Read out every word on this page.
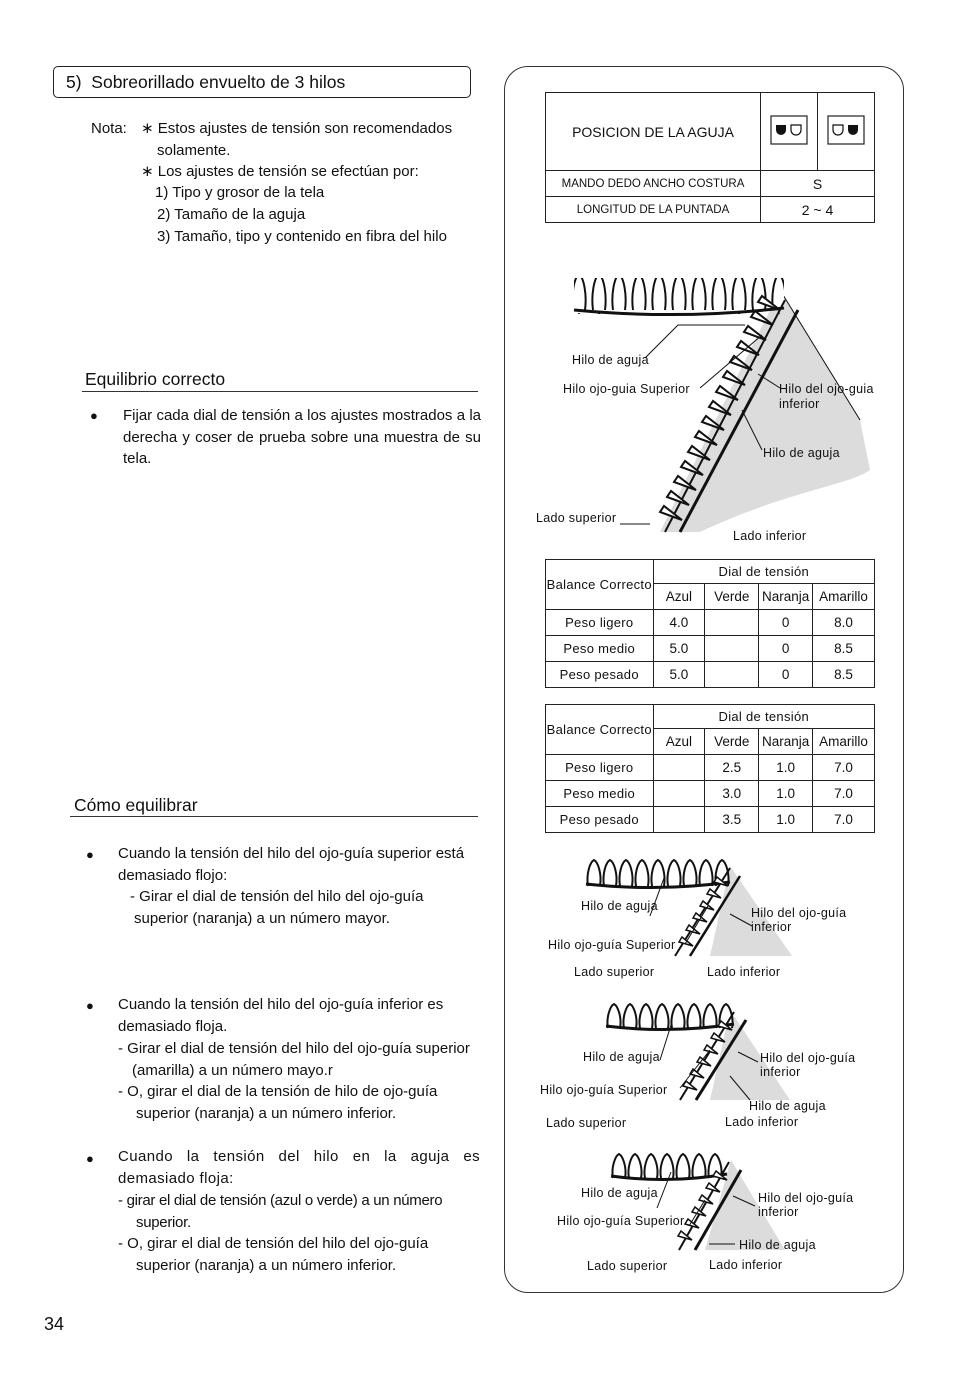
5) Sobreorillado envuelto de 3 hilos
Nota: ∗ Estos ajustes de tensión son recomendados
solamente.
∗ Los ajustes de tensión se efectúan por:
1) Tipo y grosor de la tela
2) Tamaño de la aguja
3) Tamaño, tipo y contenido en fibra del hilo
Equilibrio correcto
● Fijar cada dial de tensión a los ajustes mostrados a la derecha y coser de prueba sobre una muestra de su tela.
Cómo equilibrar
● Cuando la tensión del hilo del ojo-guía superior está demasiado flojo:
- Girar el dial de tensión del hilo del ojo-guía superior (naranja) a un número mayor.
● Cuando la tensión del hilo del ojo-guía inferior es demasiado floja.
- Girar el dial de tensión del hilo del ojo-guía superior (amarilla) a un número mayo.r
- O, girar el dial de la tensión de hilo de ojo-guía superior (naranja) a un número inferior.
● Cuando la tensión del hilo en la aguja es demasiado floja:
- girar el dial de tensión (azul o verde) a un número superior.
- O, girar el dial de tensión del hilo del ojo-guía superior (naranja) a un número inferior.
34
POSICION DE LA AGUJA		
MANDO DEDO ANCHO COSTURA	S	
LONGITUD DE LA PUNTADA	2 ~ 4	
Hilo de aguja
Hilo ojo-guia Superior	Hilo del ojo-guia
inferior
Hilo de aguja
Lado superior
Lado inferior
Balance Correcto	Dial de tensión			
	Azul	Verde	Naranja	Amarillo
Peso ligero	4.0		0	8.0
Peso medio	5.0		0	8.5
Peso pesado	5.0		0	8.5
Balance Correcto	Dial de tensión			
	Azul	Verde	Naranja	Amarillo
Peso ligero		2.5	1.0	7.0
Peso medio		3.0	1.0	7.0
Peso pesado		3.5	1.0	7.0
Hilo de aguja
Hilo ojo-guía Superior
Hilo del ojo-guía
inferior
Lado superior	Lado inferior
Hilo de aguja
Hilo ojo-guía Superior
Hilo del ojo-guía
inferior
Hilo de aguja
Lado superior	Lado inferior
Hilo de aguja
Hilo ojo-guía Superior
Hilo del ojo-guía
inferior
Hilo de aguja
Lado superior	Lado inferior
